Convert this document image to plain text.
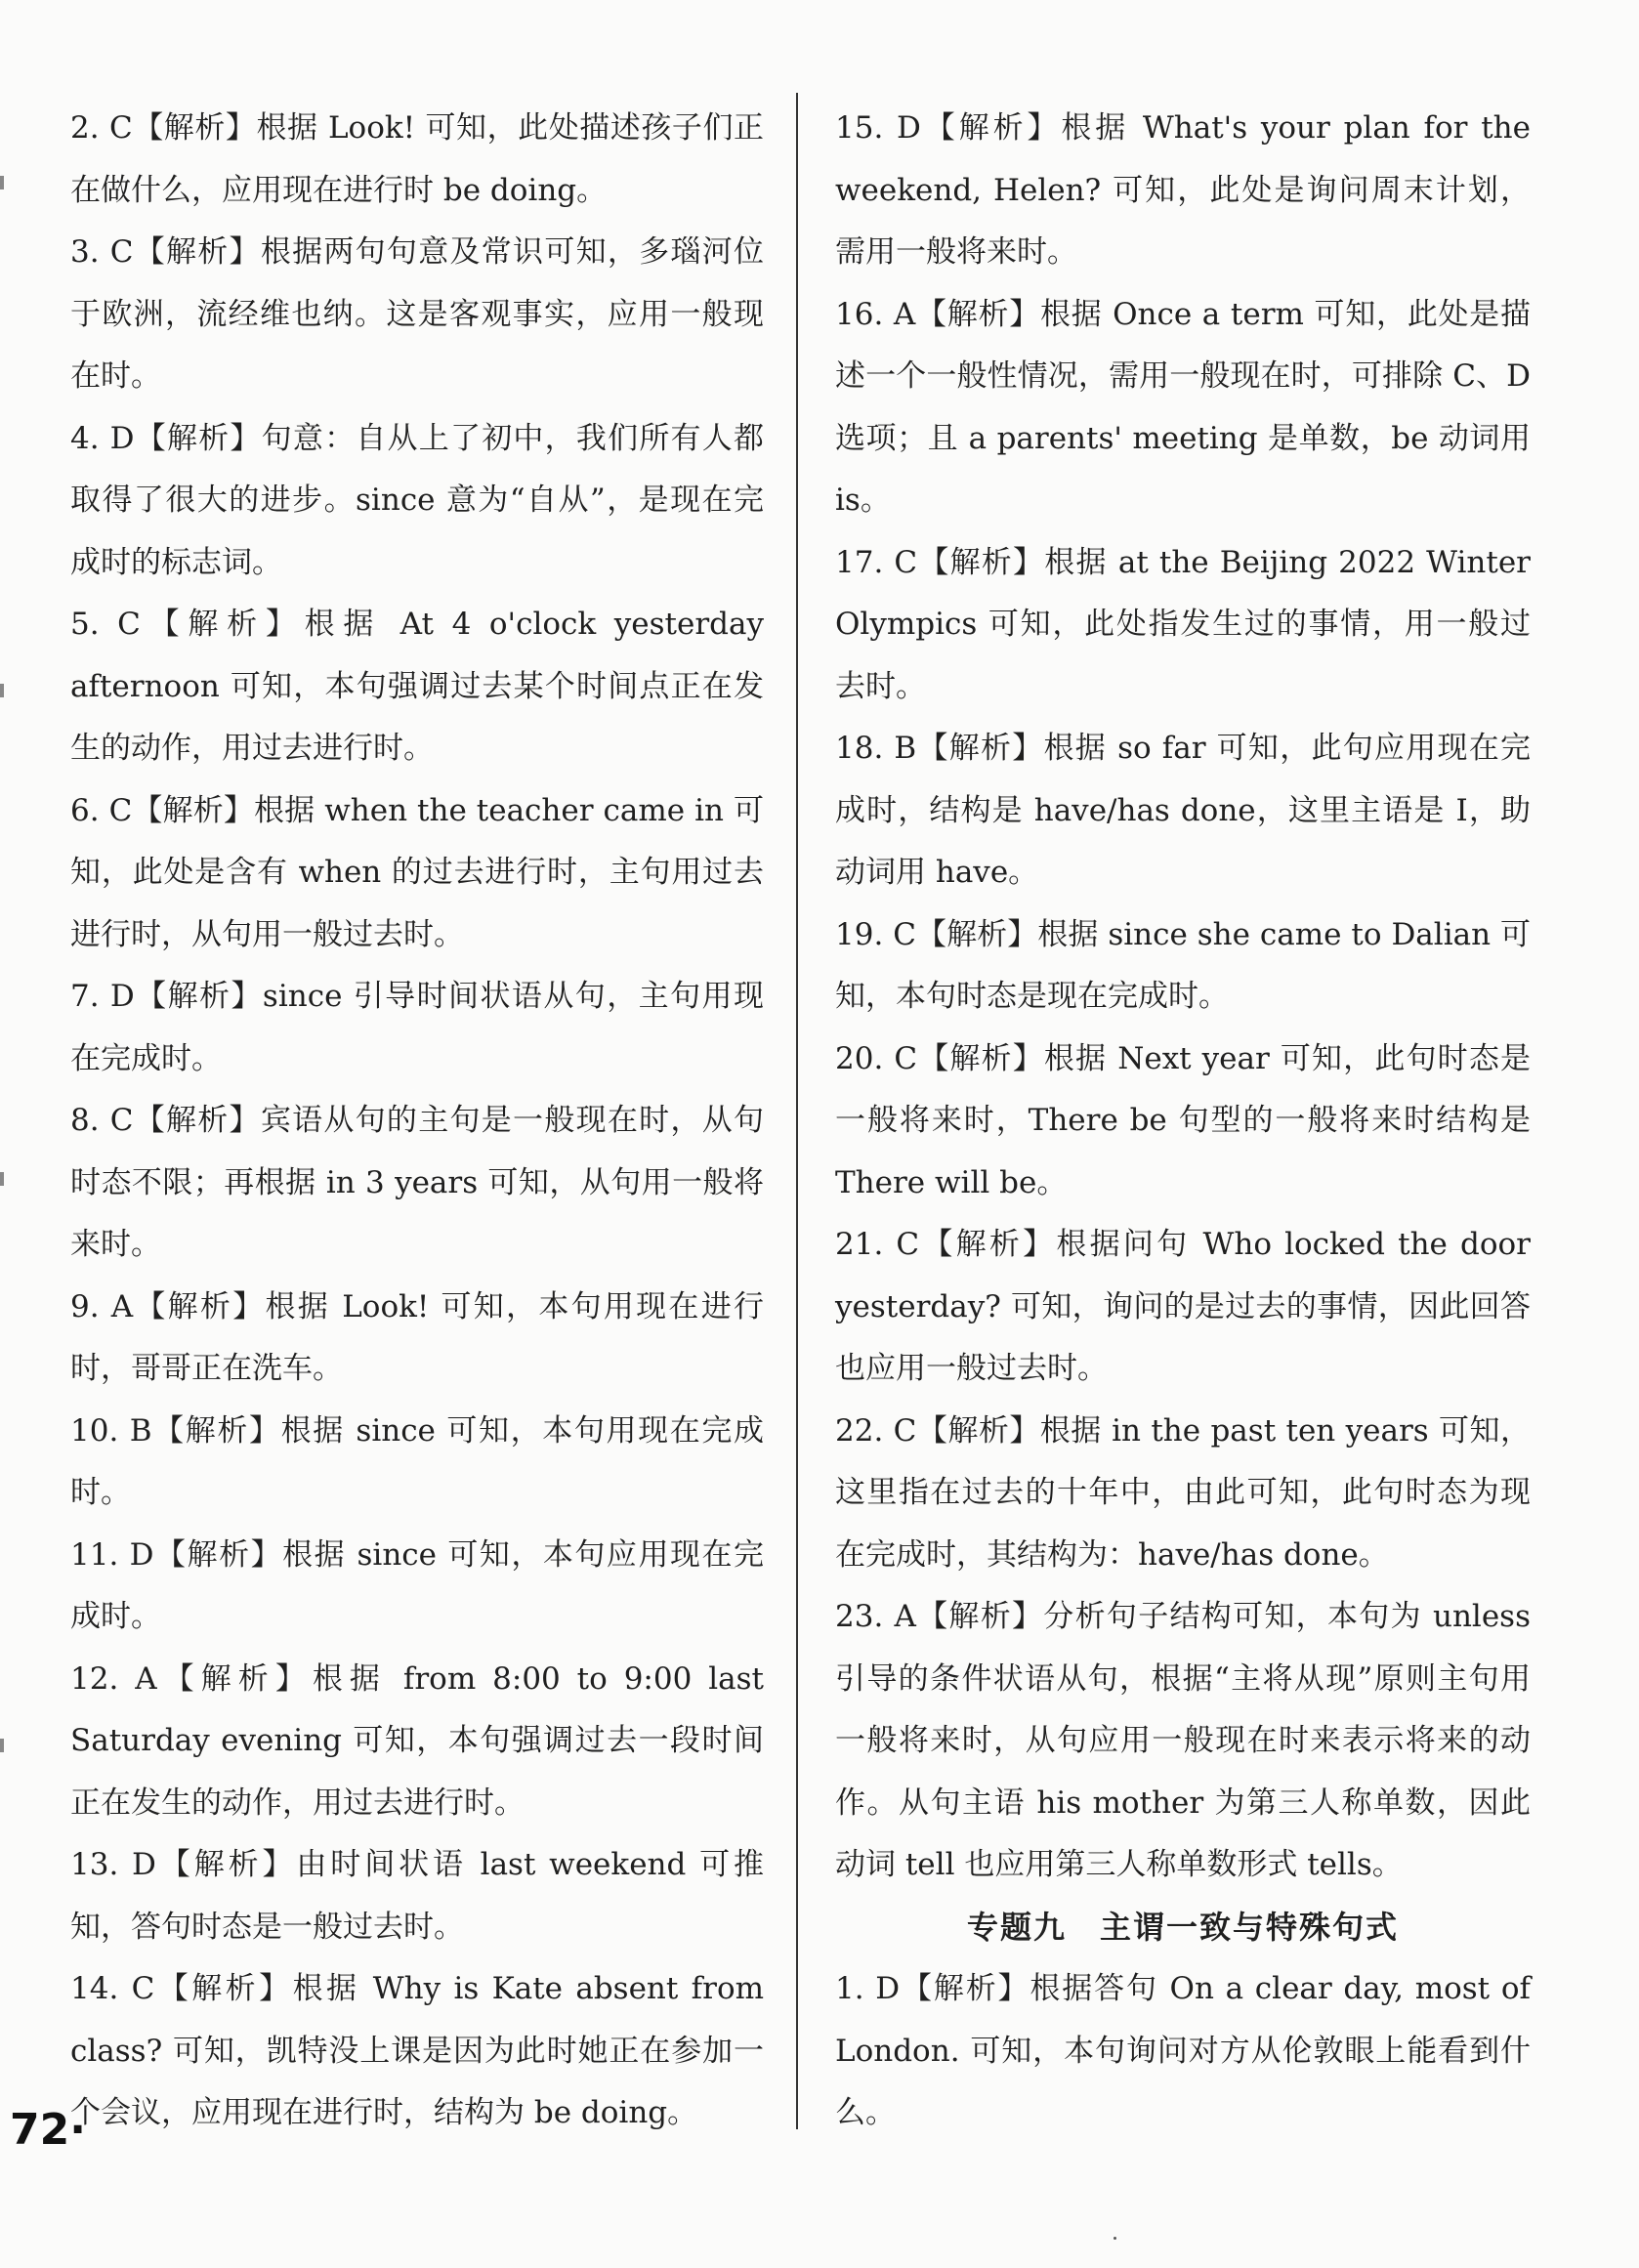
2. C【解析】根据 Look! 可知，此处描述孩子们正在做什么，应用现在进行时 be doing。

3. C【解析】根据两句句意及常识可知，多瑙河位于欧洲，流经维也纳。这是客观事实，应用一般现在时。

4. D【解析】句意：自从上了初中，我们所有人都取得了很大的进步。since 意为“自从”，是现在完成时的标志词。

5. C【解析】根据 At 4 o'clock yesterday afternoon 可知，本句强调过去某个时间点正在发生的动作，用过去进行时。

6. C【解析】根据 when the teacher came in 可知，此处是含有 when 的过去进行时，主句用过去进行时，从句用一般过去时。

7. D【解析】since 引导时间状语从句，主句用现在完成时。

8. C【解析】宾语从句的主句是一般现在时，从句时态不限；再根据 in 3 years 可知，从句用一般将来时。

9. A【解析】根据 Look! 可知，本句用现在进行时，哥哥正在洗车。

10. B【解析】根据 since 可知，本句用现在完成时。

11. D【解析】根据 since 可知，本句应用现在完成时。

12. A【解析】根据 from 8:00 to 9:00 last Saturday evening 可知，本句强调过去一段时间正在发生的动作，用过去进行时。

13. D【解析】由时间状语 last weekend 可推知，答句时态是一般过去时。

14. C【解析】根据 Why is Kate absent from class? 可知，凯特没上课是因为此时她正在参加一个会议，应用现在进行时，结构为 be doing。

15. D【解析】根据 What's your plan for the weekend, Helen? 可知，此处是询问周末计划，需用一般将来时。

16. A【解析】根据 Once a term 可知，此处是描述一个一般性情况，需用一般现在时，可排除 C、D 选项；且 a parents' meeting 是单数，be 动词用 is。

17. C【解析】根据 at the Beijing 2022 Winter Olympics 可知，此处指发生过的事情，用一般过去时。

18. B【解析】根据 so far 可知，此句应用现在完成时，结构是 have/has done，这里主语是 I，助动词用 have。

19. C【解析】根据 since she came to Dalian 可知，本句时态是现在完成时。

20. C【解析】根据 Next year 可知，此句时态是一般将来时，There be 句型的一般将来时结构是 There will be。

21. C【解析】根据问句 Who locked the door yesterday? 可知，询问的是过去的事情，因此回答也应用一般过去时。

22. C【解析】根据 in the past ten years 可知，这里指在过去的十年中，由此可知，此句时态为现在完成时，其结构为：have/has done。

23. A【解析】分析句子结构可知，本句为 unless 引导的条件状语从句，根据“主将从现”原则主句用一般将来时，从句应用一般现在时来表示将来的动作。从句主语 his mother 为第三人称单数，因此动词 tell 也应用第三人称单数形式 tells。

专题九　主谓一致与特殊句式

1. D【解析】根据答句 On a clear day, most of London. 可知，本句询问对方从伦敦眼上能看到什么。

72·
